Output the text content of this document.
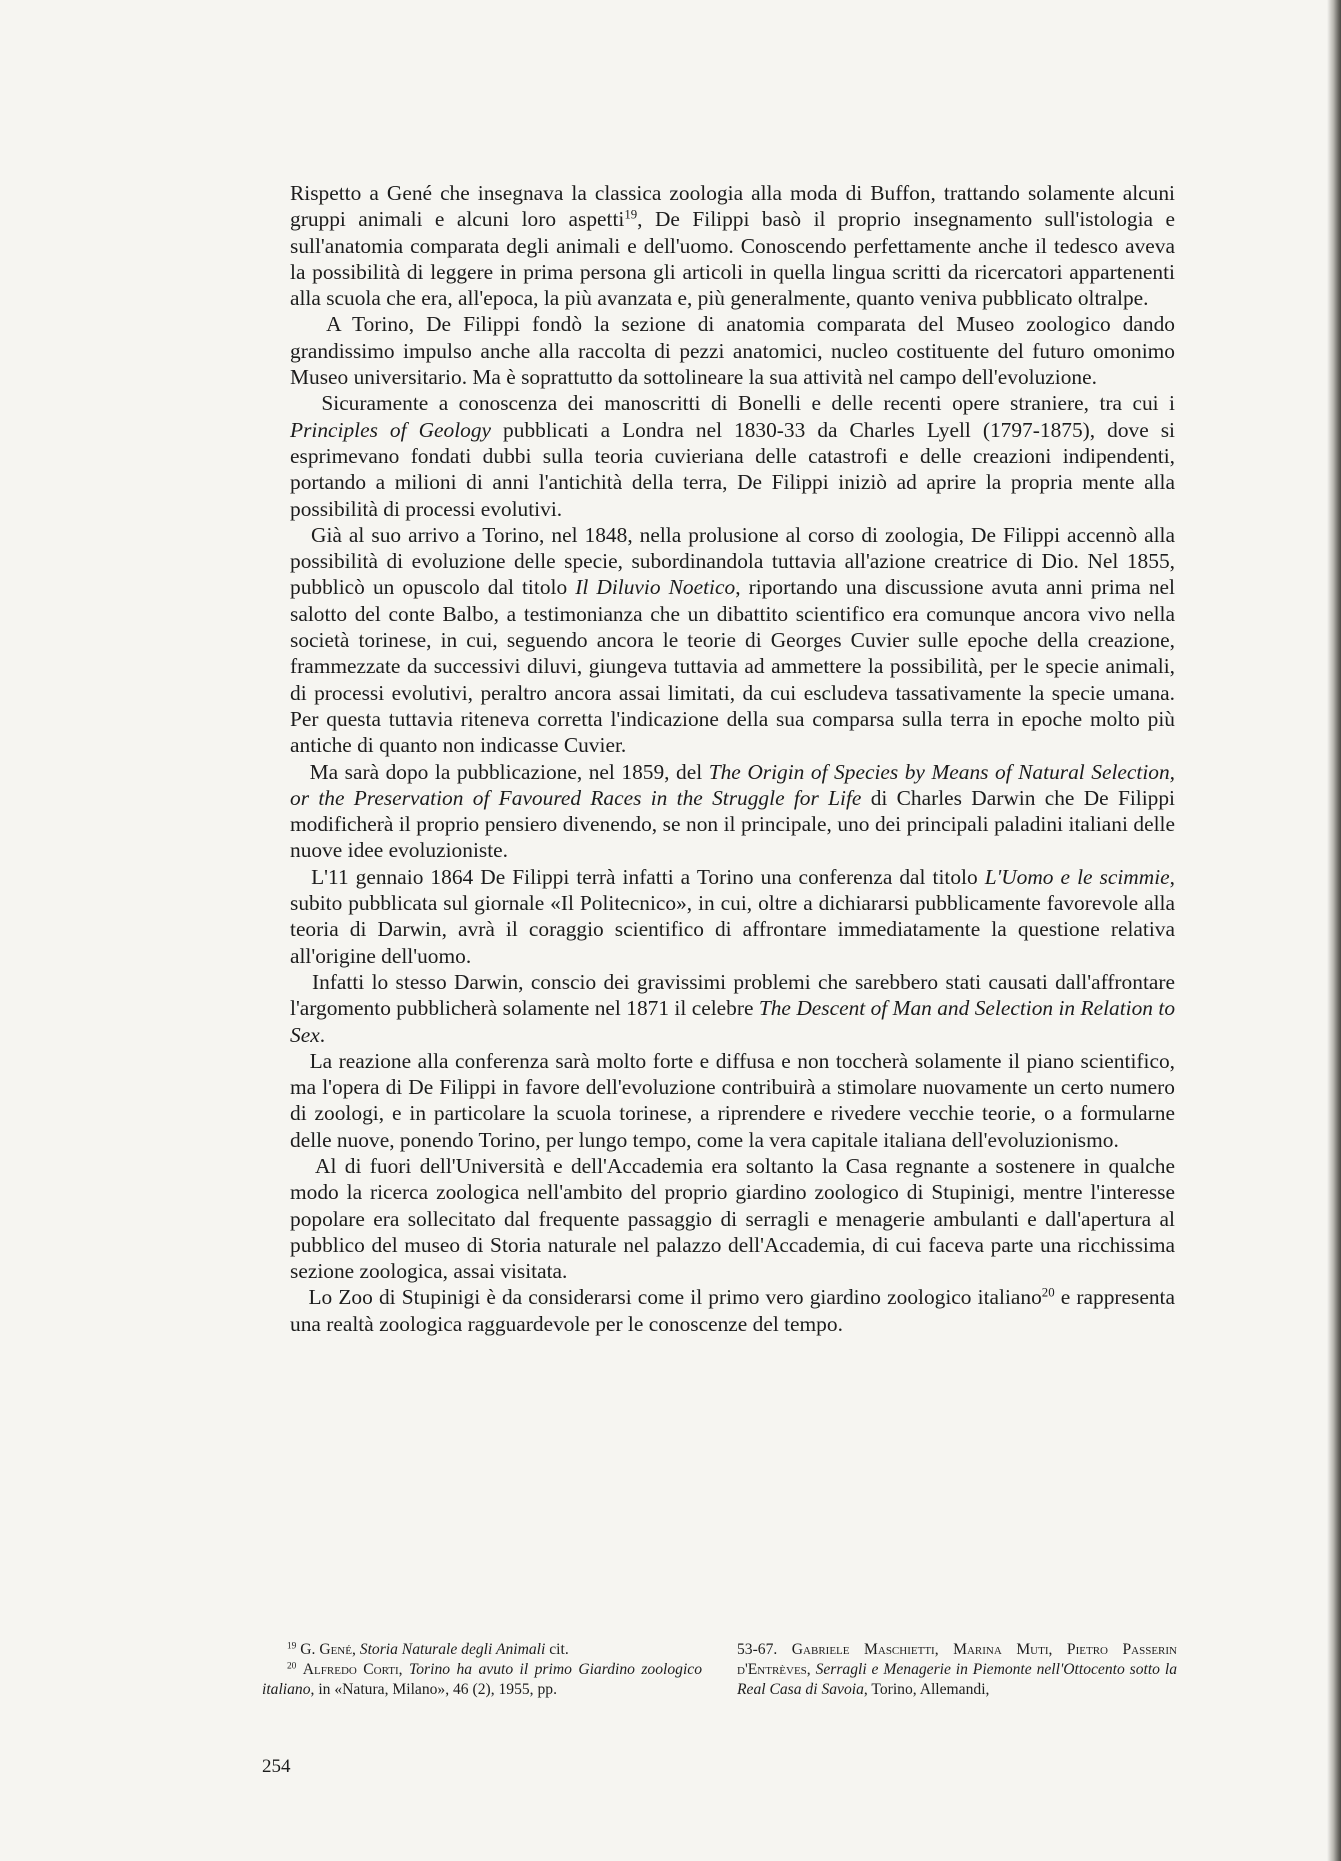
Rispetto a Gené che insegnava la classica zoologia alla moda di Buffon, trattando solamente alcuni gruppi animali e alcuni loro aspetti$^{19}$, De Filippi basò il proprio insegnamento sull'istologia e sull'anatomia comparata degli animali e dell'uomo. Conoscendo perfettamente anche il tedesco aveva la possibilità di leggere in prima persona gli articoli in quella lingua scritti da ricercatori appartenenti alla scuola che era, all'epoca, la più avanzata e, più generalmente, quanto veniva pubblicato oltralpe.

A Torino, De Filippi fondò la sezione di anatomia comparata del Museo zoologico dando grandissimo impulso anche alla raccolta di pezzi anatomici, nucleo costituente del futuro omonimo Museo universitario. Ma è soprattutto da sottolineare la sua attività nel campo dell'evoluzione.

Sicuramente a conoscenza dei manoscritti di Bonelli e delle recenti opere straniere, tra cui i Principles of Geology pubblicati a Londra nel 1830-33 da Charles Lyell (1797-1875), dove si esprimevano fondati dubbi sulla teoria cuvieriana delle catastrofi e delle creazioni indipendenti, portando a milioni di anni l'antichità della terra, De Filippi iniziò ad aprire la propria mente alla possibilità di processi evolutivi.

Già al suo arrivo a Torino, nel 1848, nella prolusione al corso di zoologia, De Filippi accennò alla possibilità di evoluzione delle specie, subordinandola tuttavia all'azione creatrice di Dio. Nel 1855, pubblicò un opuscolo dal titolo Il Diluvio Noetico, riportando una discussione avuta anni prima nel salotto del conte Balbo, a testimonianza che un dibattito scientifico era comunque ancora vivo nella società torinese, in cui, seguendo ancora le teorie di Georges Cuvier sulle epoche della creazione, frammezzate da successivi diluvi, giungeva tuttavia ad ammettere la possibilità, per le specie animali, di processi evolutivi, peraltro ancora assai limitati, da cui escludeva tassativamente la specie umana. Per questa tuttavia riteneva corretta l'indicazione della sua comparsa sulla terra in epoche molto più antiche di quanto non indicasse Cuvier.

Ma sarà dopo la pubblicazione, nel 1859, del The Origin of Species by Means of Natural Selection, or the Preservation of Favoured Races in the Struggle for Life di Charles Darwin che De Filippi modificherà il proprio pensiero divenendo, se non il principale, uno dei principali paladini italiani delle nuove idee evoluzioniste.

L'11 gennaio 1864 De Filippi terrà infatti a Torino una conferenza dal titolo L'Uomo e le scimmie, subito pubblicata sul giornale «Il Politecnico», in cui, oltre a dichiararsi pubblicamente favorevole alla teoria di Darwin, avrà il coraggio scientifico di affrontare immediatamente la questione relativa all'origine dell'uomo.

Infatti lo stesso Darwin, conscio dei gravissimi problemi che sarebbero stati causati dall'affrontare l'argomento pubblicherà solamente nel 1871 il celebre The Descent of Man and Selection in Relation to Sex.

La reazione alla conferenza sarà molto forte e diffusa e non toccherà solamente il piano scientifico, ma l'opera di De Filippi in favore dell'evoluzione contribuirà a stimolare nuovamente un certo numero di zoologi, e in particolare la scuola torinese, a riprendere e rivedere vecchie teorie, o a formularne delle nuove, ponendo Torino, per lungo tempo, come la vera capitale italiana dell'evoluzionismo.

Al di fuori dell'Università e dell'Accademia era soltanto la Casa regnante a sostenere in qualche modo la ricerca zoologica nell'ambito del proprio giardino zoologico di Stupinigi, mentre l'interesse popolare era sollecitato dal frequente passaggio di serragli e menagerie ambulanti e dall'apertura al pubblico del museo di Storia naturale nel palazzo dell'Accademia, di cui faceva parte una ricchissima sezione zoologica, assai visitata.

Lo Zoo di Stupinigi è da considerarsi come il primo vero giardino zoologico italiano$^{20}$ e rappresenta una realtà zoologica ragguardevole per le conoscenze del tempo.

$^{19}$ G. Gené, Storia Naturale degli Animali cit.

$^{20}$ Alfredo Corti, Torino ha avuto il primo Giardino zoologico italiano, in «Natura, Milano», 46 (2), 1955, pp.

53-67. Gabriele Maschietti, Marina Muti, Pietro Passerin d'Entrèves, Serragli e Menagerie in Piemonte nell'Ottocento sotto la Real Casa di Savoia, Torino, Allemandi,

254
